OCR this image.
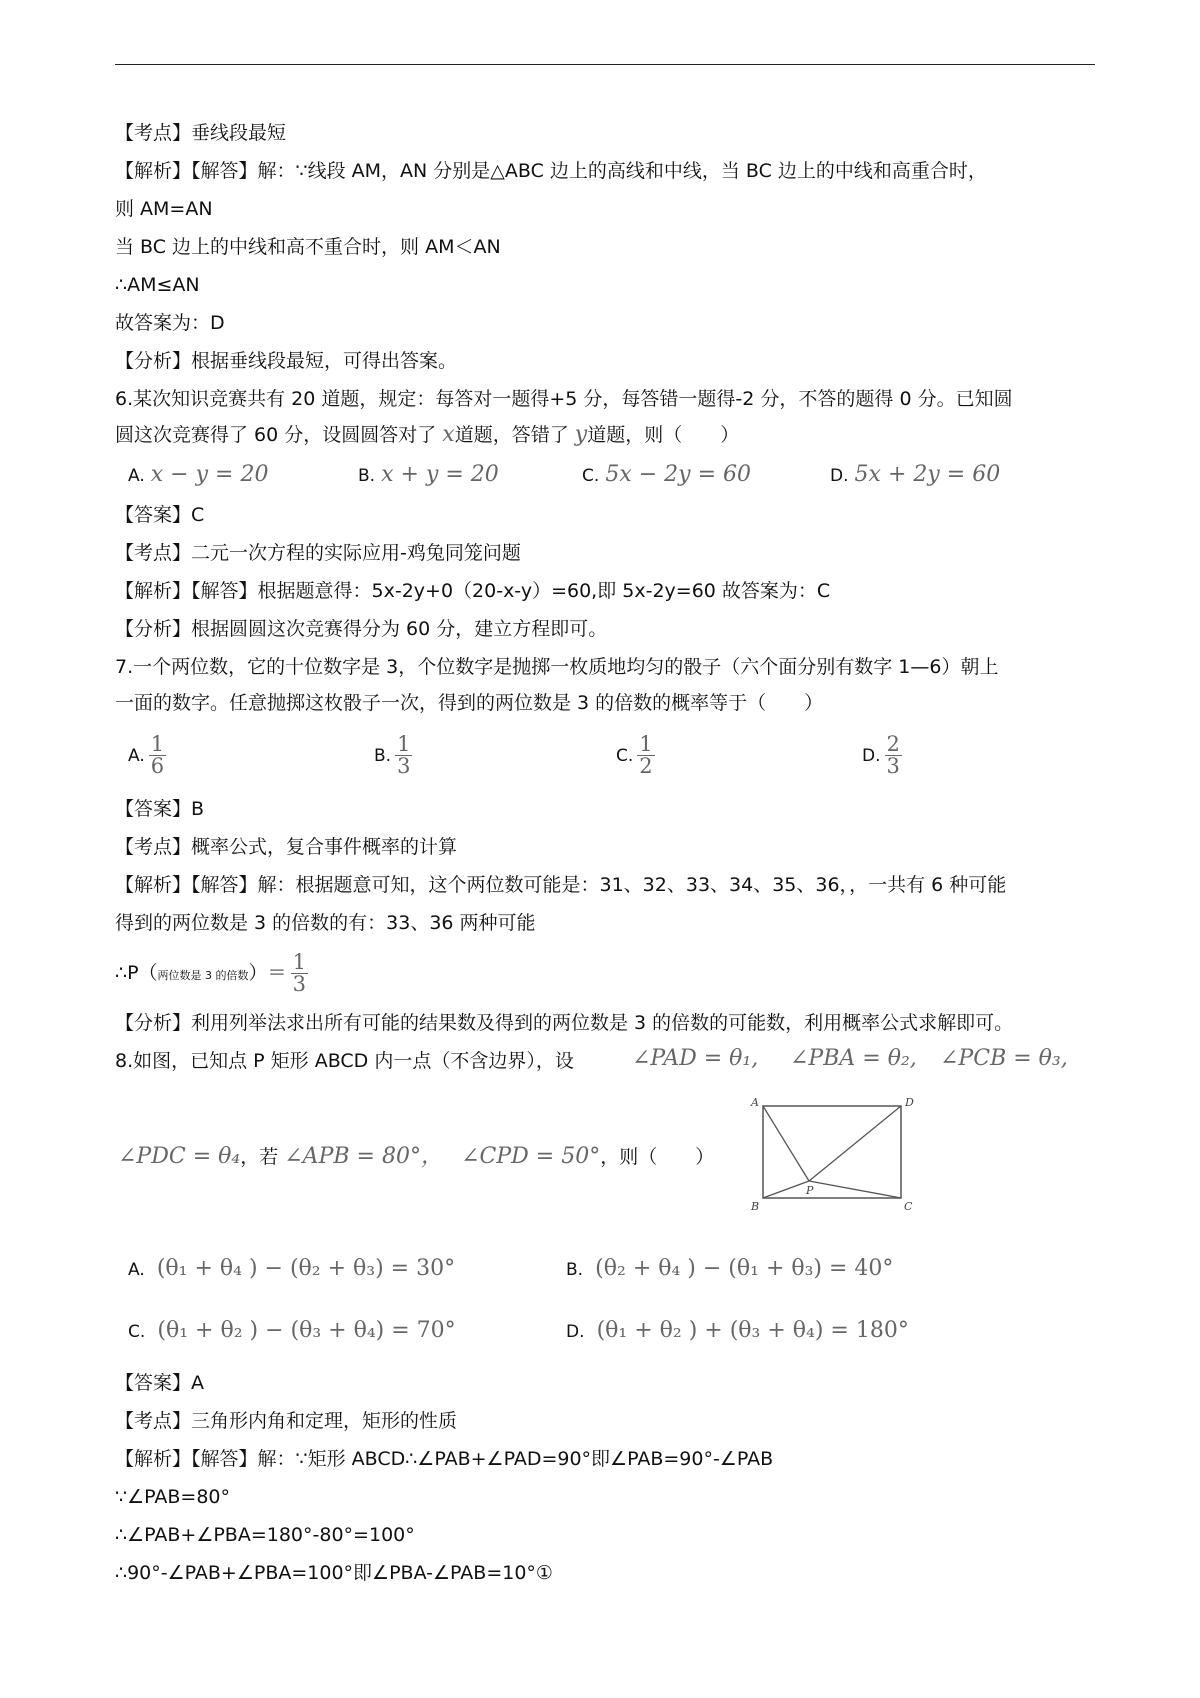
【考点】垂线段最短
【解析】【解答】解：∵线段 AM，AN 分别是△ABC 边上的高线和中线，当 BC 边上的中线和高重合时，
则 AM=AN
当 BC 边上的中线和高不重合时，则 AM＜AN
∴AM≤AN
故答案为：D
【分析】根据垂线段最短，可得出答案。
6.某次知识竞赛共有 20 道题，规定：每答对一题得+5 分，每答错一题得-2 分，不答的题得 0 分。已知圆
圆这次竞赛得了 60 分，设圆圆答对了 x道题，答错了 y道题，则（　　）
A. x − y = 20	B. x + y = 20	C. 5x − 2y = 60	D. 5x + 2y = 60
【答案】C
【考点】二元一次方程的实际应用-鸡兔同笼问题
【解析】【解答】根据题意得：5x-2y+0（20-x-y）=60,即 5x-2y=60 故答案为：C
【分析】根据圆圆这次竞赛得分为 60 分，建立方程即可。
7.一个两位数，它的十位数字是 3，个位数字是抛掷一枚质地均匀的骰子（六个面分别有数字 1—6）朝上
一面的数字。任意抛掷这枚骰子一次，得到的两位数是 3 的倍数的概率等于（　　）
A. $\frac{1}{6}$	B. $\frac{1}{3}$	C. $\frac{1}{2}$	D. $\frac{2}{3}$
【答案】B
【考点】概率公式，复合事件概率的计算
【解析】【解答】解：根据题意可知，这个两位数可能是：31、32、33、34、35、36，，一共有 6 种可能
得到的两位数是 3 的倍数的有：33、36 两种可能
∴P（两位数是 3 的倍数）＝ $\frac{1}{3}$
【分析】利用列举法求出所有可能的结果数及得到的两位数是 3 的倍数的可能数，利用概率公式求解即可。
8.如图，已知点 P 矩形 ABCD 内一点（不含边界），设	∠PAD = θ₁, ∠PBA = θ₂, ∠PCB = θ₃,
∠PDC = θ₄，若 ∠APB = 80°， ∠CPD = 50°，则（　　）
A	D
B	C
P
A. (θ₁ + θ₄ ) − (θ₂ + θ₃) = 30°	B. (θ₂ + θ₄ ) − (θ₁ + θ₃) = 40°
C. (θ₁ + θ₂ ) − (θ₃ + θ₄) = 70°	D. (θ₁ + θ₂ ) + (θ₃ + θ₄) = 180°
【答案】A
【考点】三角形内角和定理，矩形的性质
【解析】【解答】解：∵矩形 ABCD∴∠PAB+∠PAD=90°即∠PAB=90°-∠PAB
∵∠PAB=80°
∴∠PAB+∠PBA=180°-80°=100°
∴90°-∠PAB+∠PBA=100°即∠PBA-∠PAB=10°①
